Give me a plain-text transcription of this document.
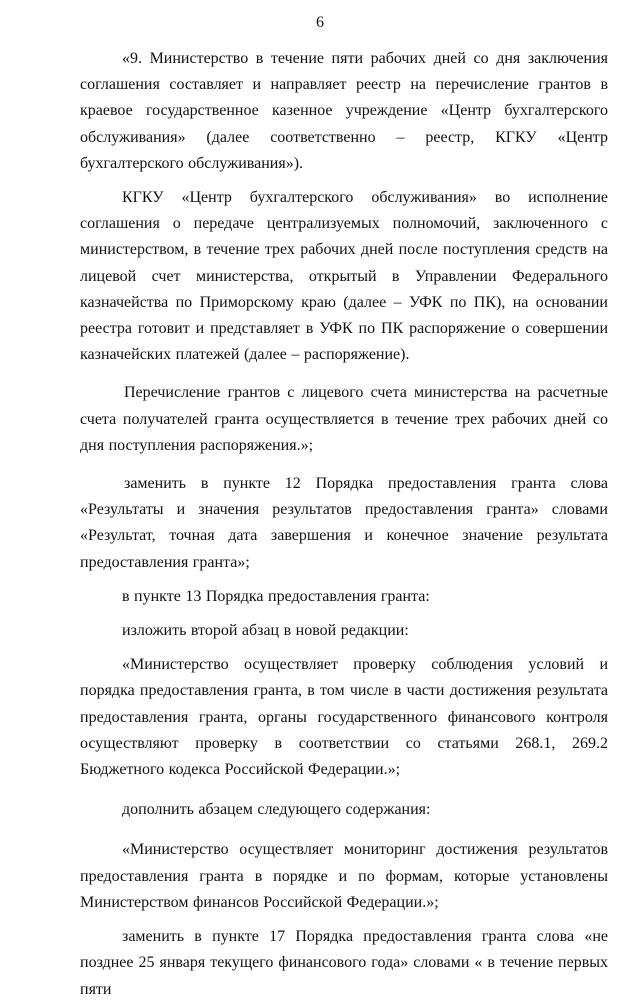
6

«9. Министерство в течение пяти рабочих дней со дня заключения соглашения составляет и направляет реестр на перечисление грантов в краевое государственное казенное учреждение «Центр бухгалтерского обслуживания» (далее соответственно – реестр, КГКУ «Центр бухгалтерского обслуживания»).

КГКУ «Центр бухгалтерского обслуживания» во исполнение соглашения о передаче централизуемых полномочий, заключенного с министерством, в течение трех рабочих дней после поступления средств на лицевой счет министерства, открытый в Управлении Федерального казначейства по Приморскому краю (далее – УФК по ПК), на основании реестра готовит и представляет в УФК по ПК распоряжение о совершении казначейских платежей (далее – распоряжение).

Перечисление грантов с лицевого счета министерства на расчетные счета получателей гранта осуществляется в течение трех рабочих дней со дня поступления распоряжения.»;

заменить в пункте 12 Порядка предоставления гранта слова «Результаты и значения результатов предоставления гранта» словами «Результат, точная дата завершения и конечное значение результата предоставления гранта»;

в пункте 13 Порядка предоставления гранта:

изложить второй абзац в новой редакции:

«Министерство осуществляет проверку соблюдения условий и порядка предоставления гранта, в том числе в части достижения результата предоставления гранта, органы государственного финансового контроля осуществляют проверку в соответствии со статьями 268.1, 269.2 Бюджетного кодекса Российской Федерации.»;

дополнить абзацем следующего содержания:

«Министерство осуществляет мониторинг достижения результатов предоставления гранта в порядке и по формам, которые установлены Министерством финансов Российской Федерации.»;

заменить в пункте 17 Порядка предоставления гранта слова «не позднее 25 января текущего финансового года» словами « в течение первых пяти
